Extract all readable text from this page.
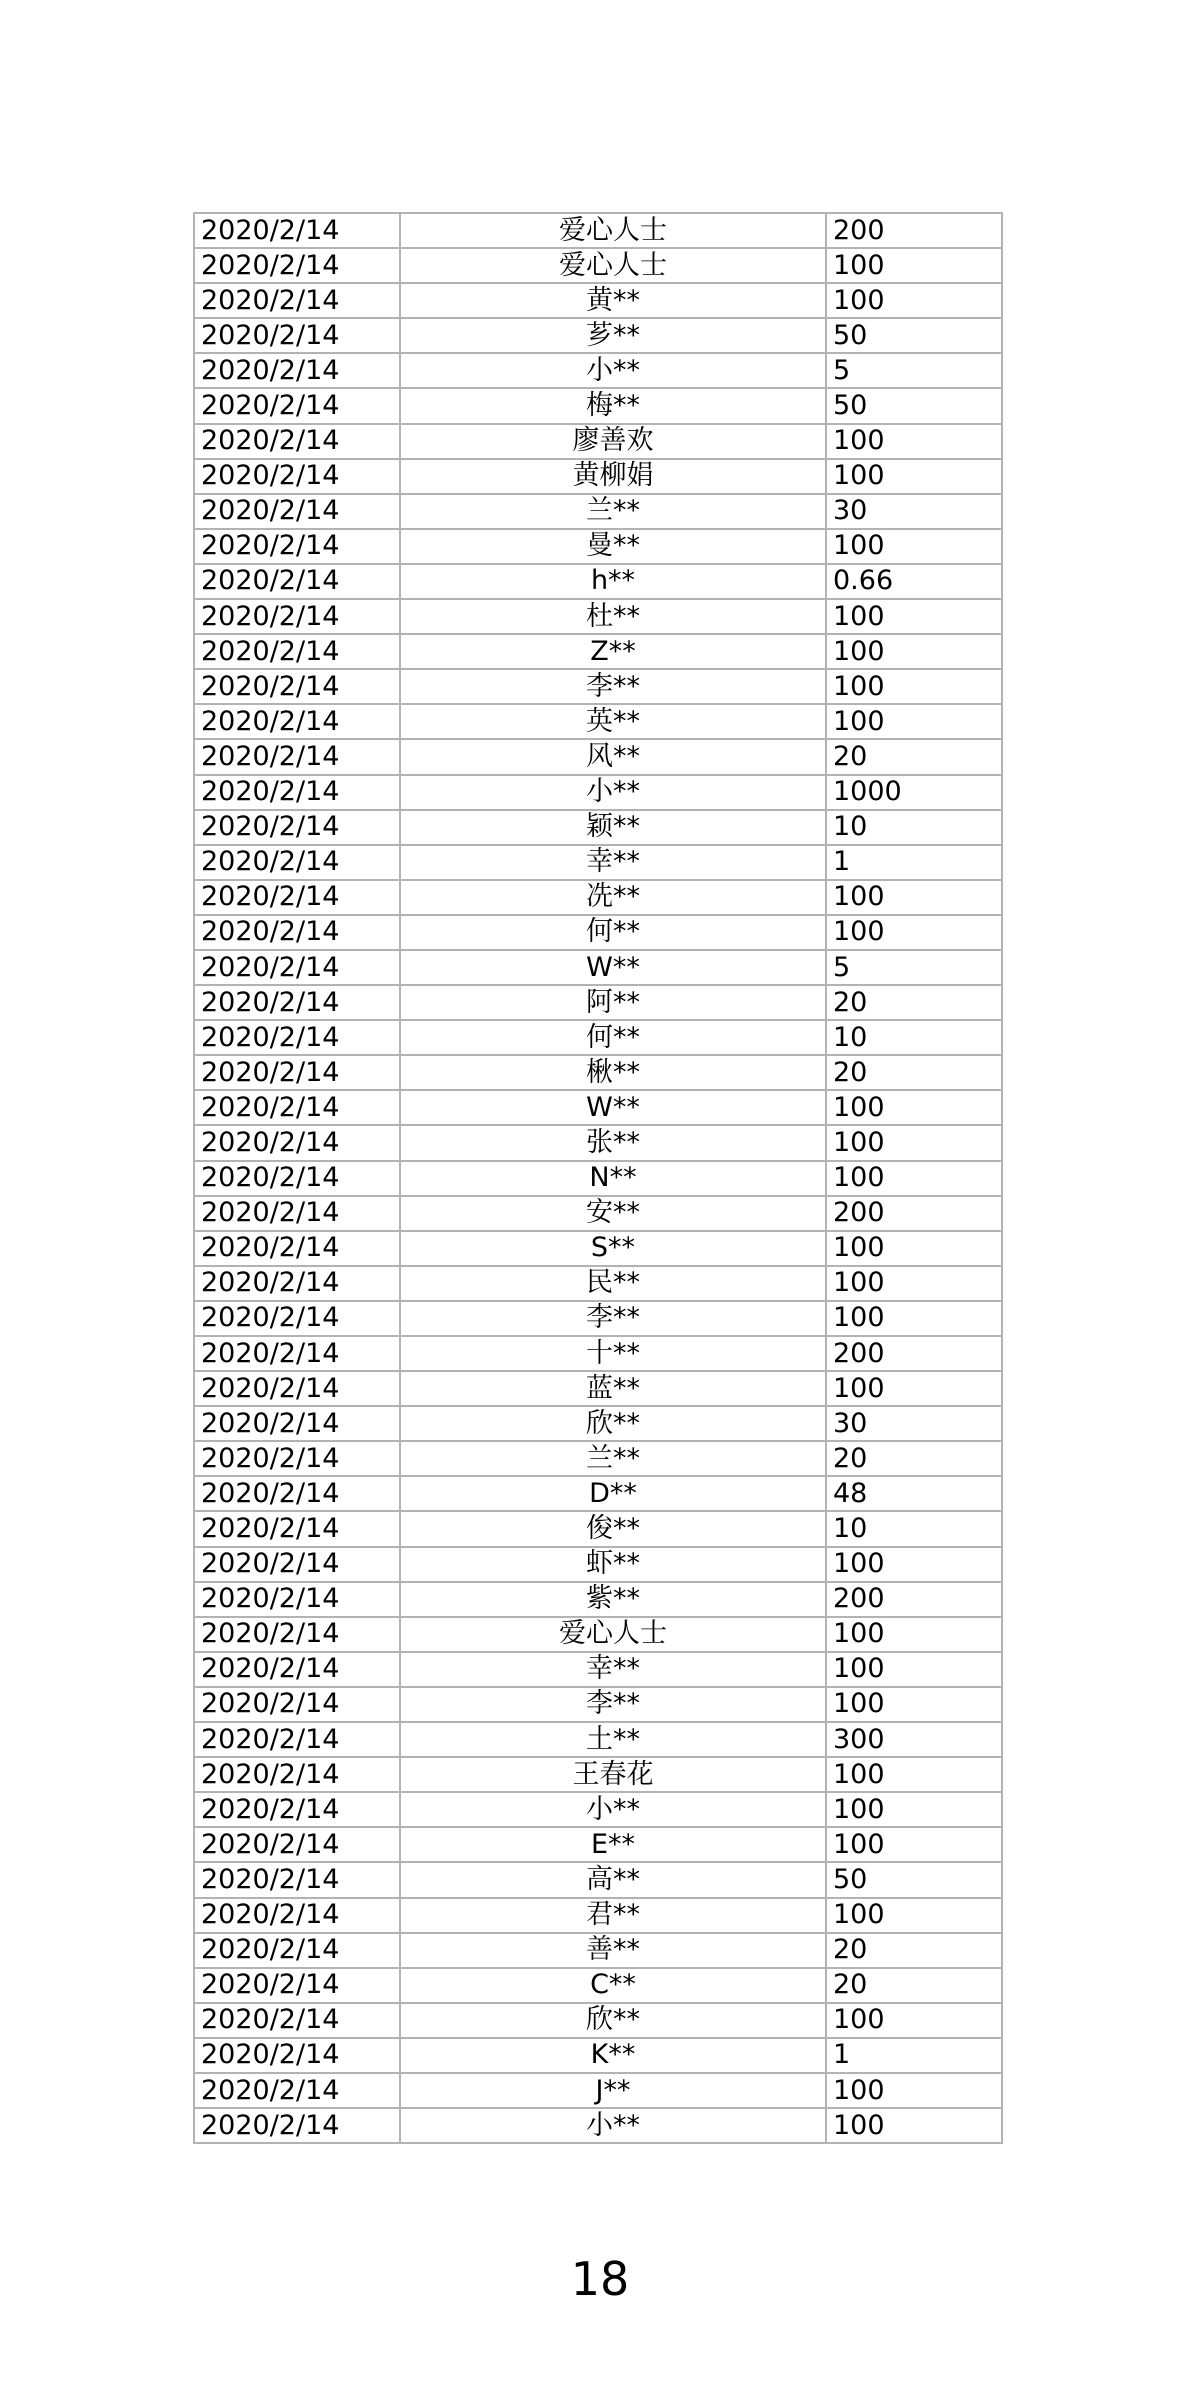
2020/2/14	爱心人士	200
2020/2/14	爱心人士	100
2020/2/14	黄**	100
2020/2/14	芗**	50
2020/2/14	小**	5
2020/2/14	梅**	50
2020/2/14	廖善欢	100
2020/2/14	黄柳娟	100
2020/2/14	兰**	30
2020/2/14	曼**	100
2020/2/14	h**	0.66
2020/2/14	杜**	100
2020/2/14	Z**	100
2020/2/14	李**	100
2020/2/14	英**	100
2020/2/14	风**	20
2020/2/14	小**	1000
2020/2/14	颖**	10
2020/2/14	幸**	1
2020/2/14	冼**	100
2020/2/14	何**	100
2020/2/14	W**	5
2020/2/14	阿**	20
2020/2/14	何**	10
2020/2/14	楸**	20
2020/2/14	W**	100
2020/2/14	张**	100
2020/2/14	N**	100
2020/2/14	安**	200
2020/2/14	S**	100
2020/2/14	民**	100
2020/2/14	李**	100
2020/2/14	十**	200
2020/2/14	蓝**	100
2020/2/14	欣**	30
2020/2/14	兰**	20
2020/2/14	D**	48
2020/2/14	俊**	10
2020/2/14	虾**	100
2020/2/14	紫**	200
2020/2/14	爱心人士	100
2020/2/14	幸**	100
2020/2/14	李**	100
2020/2/14	土**	300
2020/2/14	王春花	100
2020/2/14	小**	100
2020/2/14	E**	100
2020/2/14	高**	50
2020/2/14	君**	100
2020/2/14	善**	20
2020/2/14	C**	20
2020/2/14	欣**	100
2020/2/14	K**	1
2020/2/14	J**	100
2020/2/14	小**	100
18
